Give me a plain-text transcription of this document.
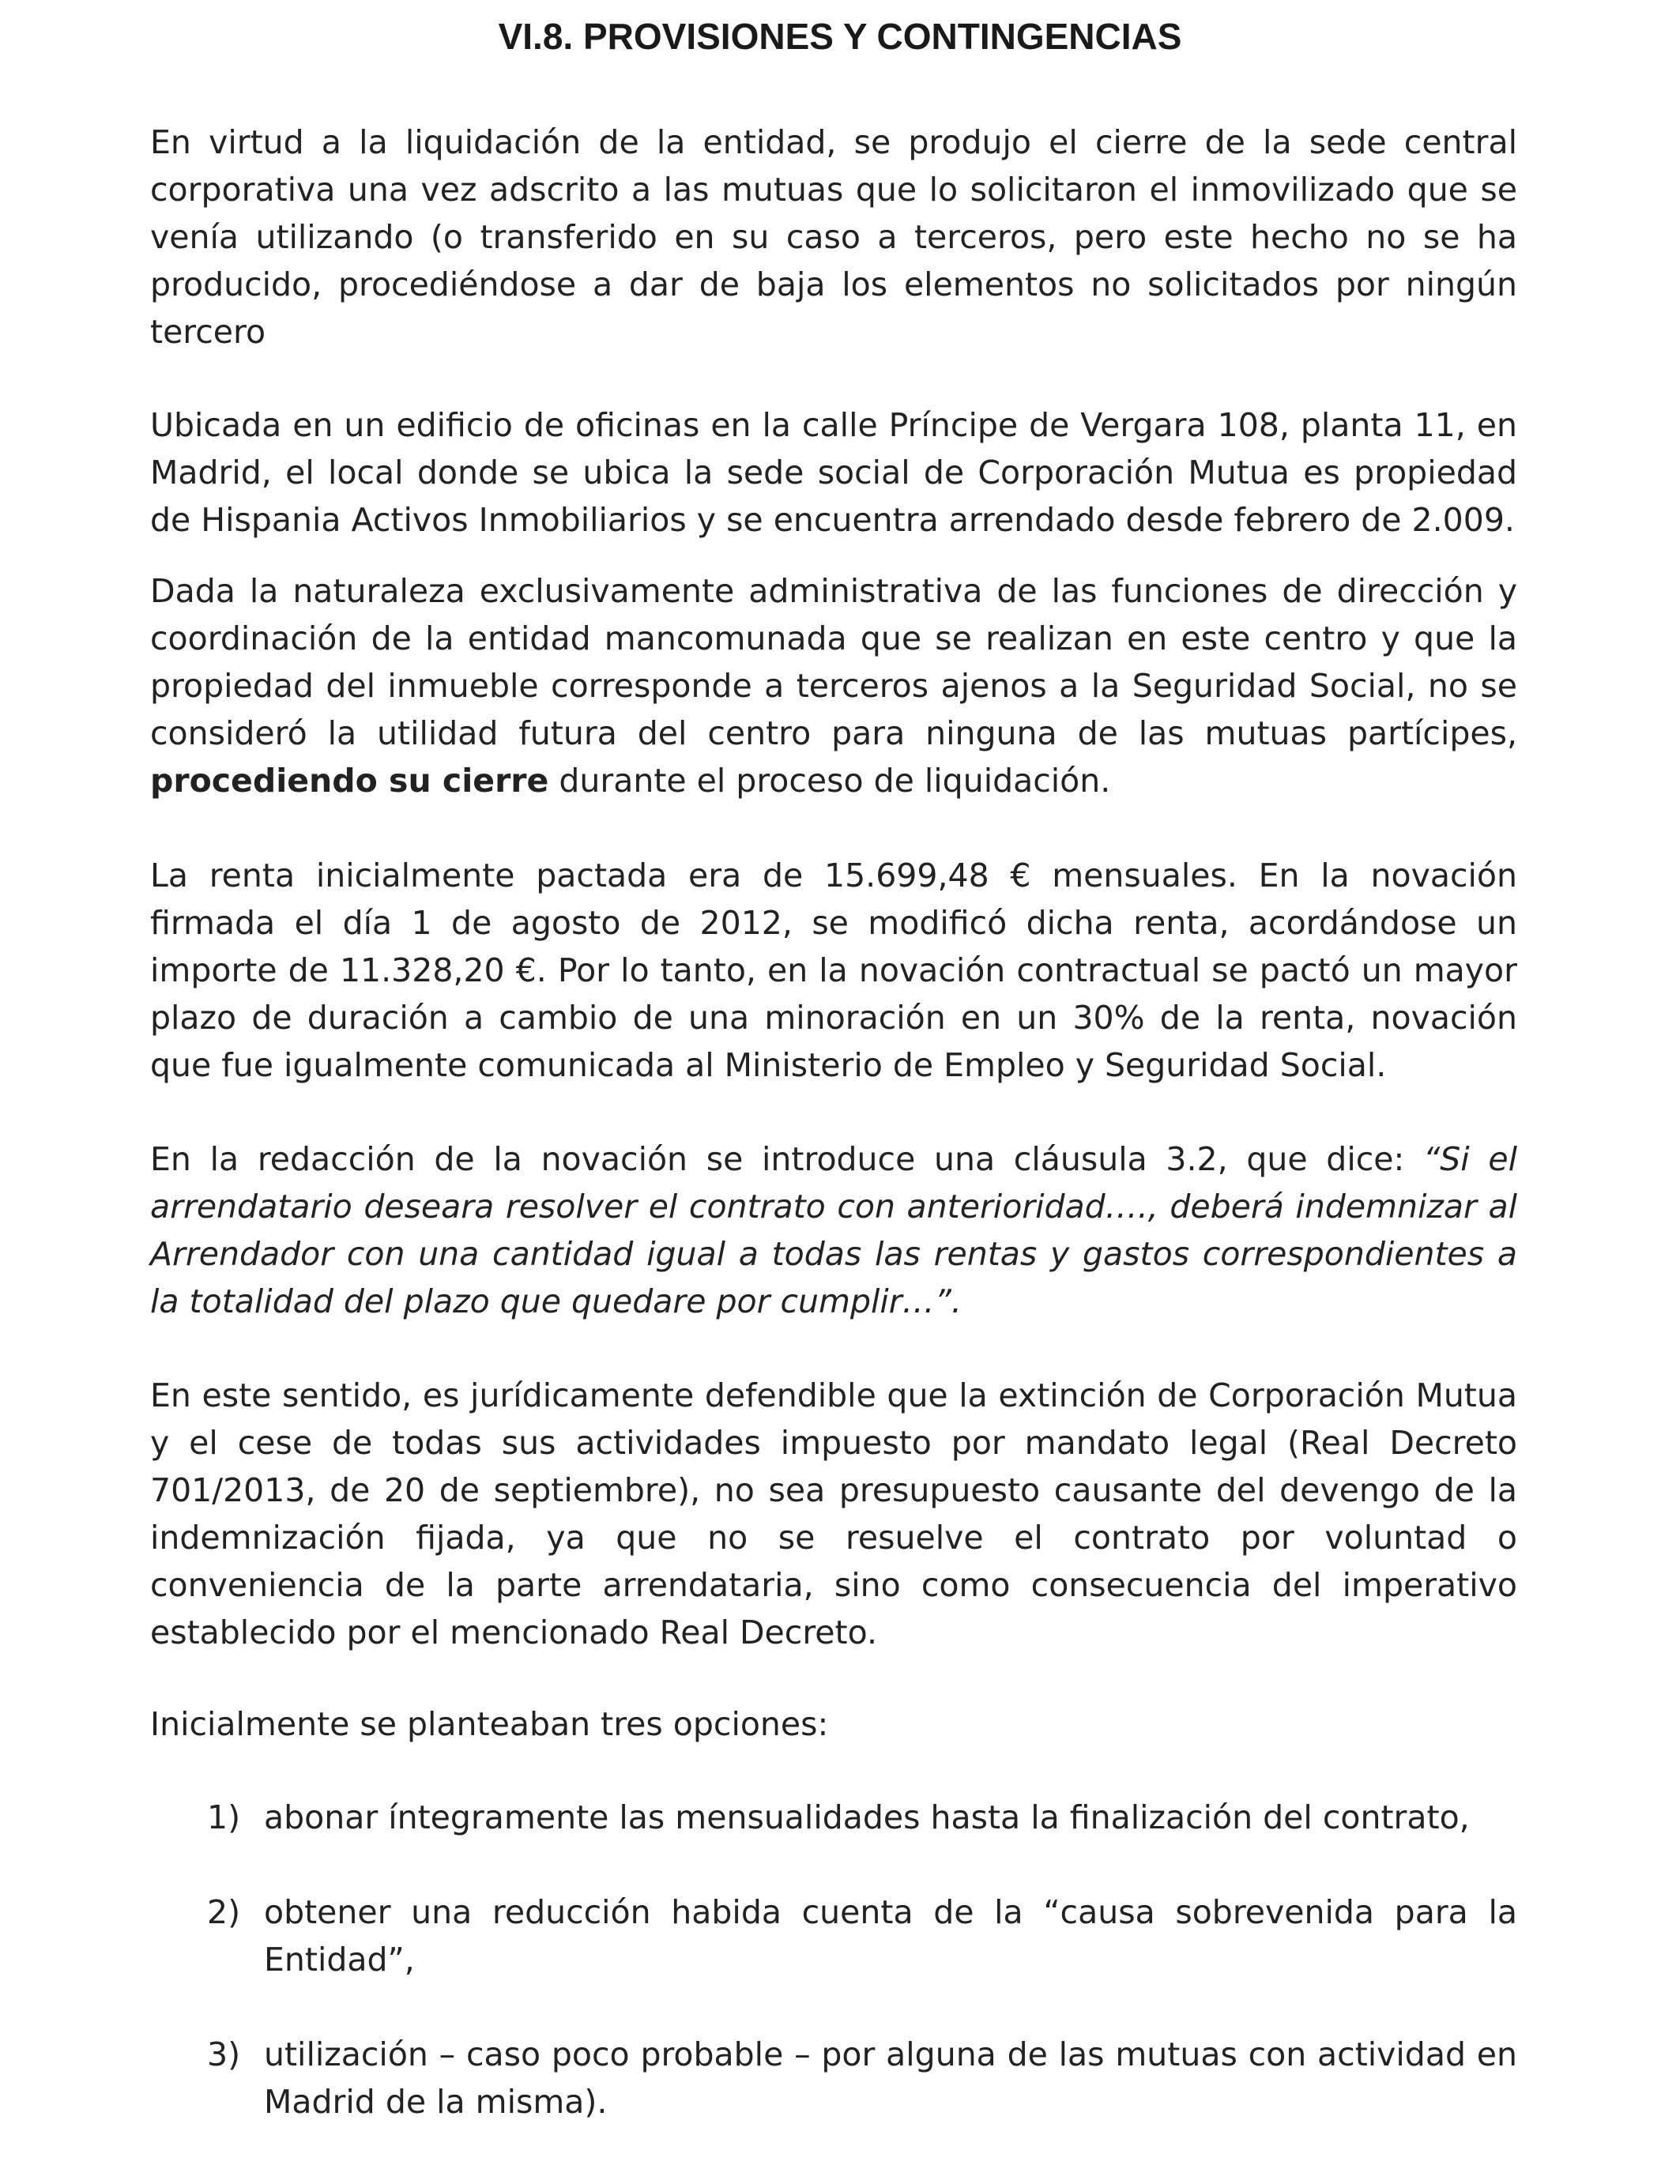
VI.8. PROVISIONES Y CONTINGENCIAS

En virtud a la liquidación de la entidad, se produjo el cierre de la sede central corporativa una vez adscrito a las mutuas que lo solicitaron el inmovilizado que se venía utilizando (o transferido en su caso a terceros, pero este hecho no se ha producido, procediéndose a dar de baja los elementos no solicitados por ningún tercero

Ubicada en un edificio de oficinas en la calle Príncipe de Vergara 108, planta 11, en Madrid, el local donde se ubica la sede social de Corporación Mutua es propiedad de Hispania Activos Inmobiliarios y se encuentra arrendado desde febrero de 2.009.

Dada la naturaleza exclusivamente administrativa de las funciones de dirección y coordinación de la entidad mancomunada que se realizan en este centro y que la propiedad del inmueble corresponde a terceros ajenos a la Seguridad Social, no se consideró la utilidad futura del centro para ninguna de las mutuas partícipes, procediendo su cierre durante el proceso de liquidación.

La renta inicialmente pactada era de 15.699,48 € mensuales. En la novación firmada el día 1 de agosto de 2012, se modificó dicha renta, acordándose un importe de 11.328,20 €. Por lo tanto, en la novación contractual se pactó un mayor plazo de duración a cambio de una minoración en un 30% de la renta, novación que fue igualmente comunicada al Ministerio de Empleo y Seguridad Social.

En la redacción de la novación se introduce una cláusula 3.2, que dice: “Si el arrendatario deseara resolver el contrato con anterioridad…., deberá indemnizar al Arrendador con una cantidad igual a todas las rentas y gastos correspondientes a la totalidad del plazo que quedare por cumplir…”.

En este sentido, es jurídicamente defendible que la extinción de Corporación Mutua y el cese de todas sus actividades impuesto por mandato legal (Real Decreto 701/2013, de 20 de septiembre), no sea presupuesto causante del devengo de la indemnización fijada, ya que no se resuelve el contrato por voluntad o conveniencia de la parte arrendataria, sino como consecuencia del imperativo establecido por el mencionado Real Decreto.

Inicialmente se planteaban tres opciones:

1) abonar íntegramente las mensualidades hasta la finalización del contrato,
2) obtener una reducción habida cuenta de la “causa sobrevenida para la Entidad”,
3) utilización – caso poco probable – por alguna de las mutuas con actividad en Madrid de la misma).
